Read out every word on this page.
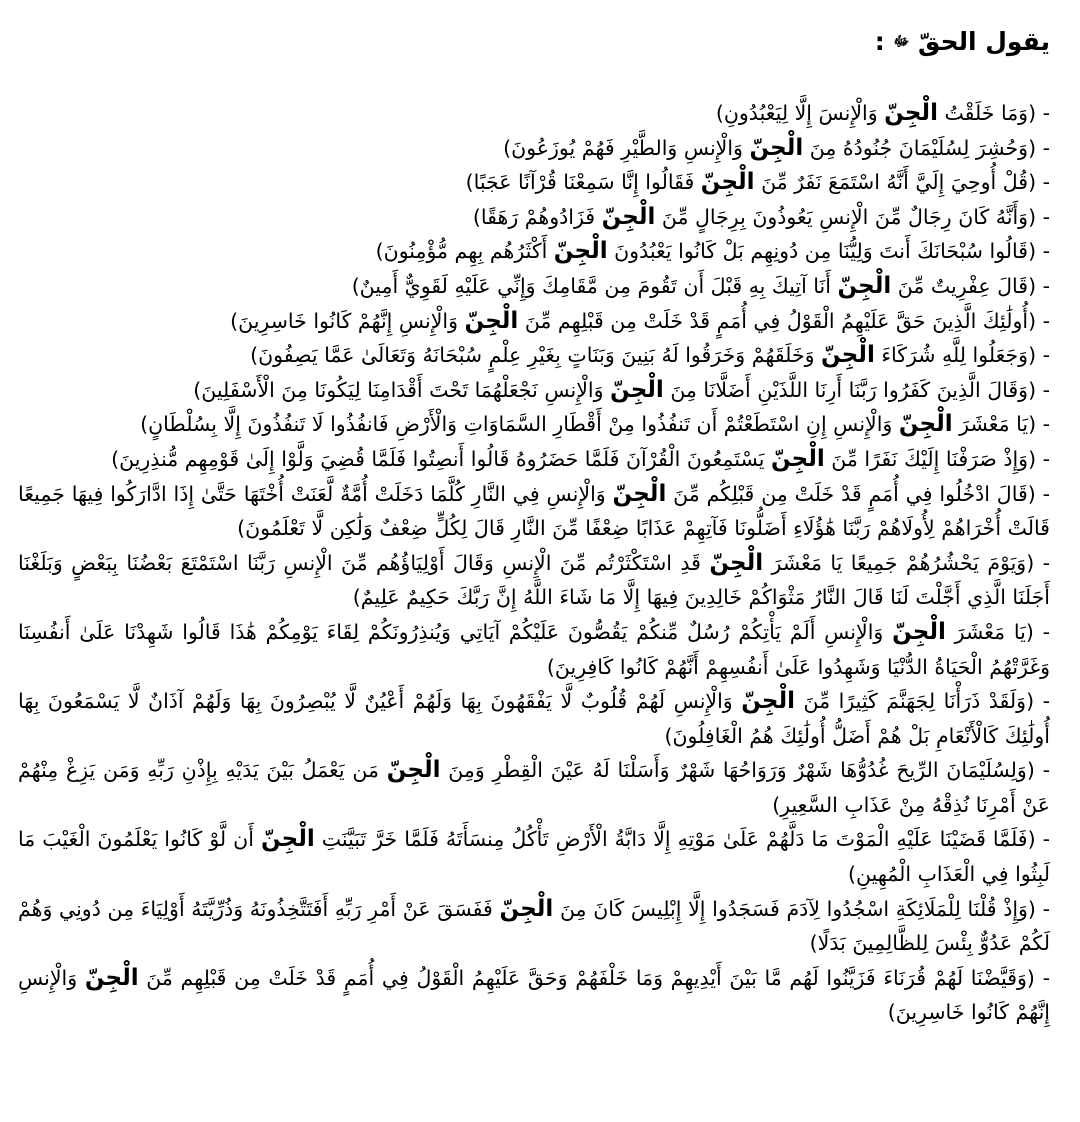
يقول الحقّ $^ﷻ$ :

- (وَمَا خَلَقْتُ الْجِنّ وَالْإِنسَ إِلَّا لِيَعْبُدُونِ)

- (وَحُشِرَ لِسُلَيْمَانَ جُنُودُهُ مِنَ الْجِنّ وَالْإِنسِ وَالطَّيْرِ فَهُمْ يُوزَعُونَ)

- (قُلْ أُوحِيَ إِلَيَّ أَنَّهُ اسْتَمَعَ نَفَرٌ مِّنَ الْجِنّ فَقَالُوا إِنَّا سَمِعْنَا قُرْآنًا عَجَبًا)

- (وَأَنَّهُ كَانَ رِجَالٌ مِّنَ الْإِنسِ يَعُوذُونَ بِرِجَالٍ مِّنَ الْجِنّ فَزَادُوهُمْ رَهَقًا)

- (قَالُوا سُبْحَانَكَ أَنتَ وَلِيُّنَا مِن دُونِهِم بَلْ كَانُوا يَعْبُدُونَ الْجِنّ أَكْثَرُهُم بِهِم مُّؤْمِنُونَ)

- (قَالَ عِفْرِيتٌ مِّنَ الْجِنّ أَنَا آتِيكَ بِهِ قَبْلَ أَن تَقُومَ مِن مَّقَامِكَ وَإِنِّي عَلَيْهِ لَقَوِيٌّ أَمِينٌ)

- (أُولَٰئِكَ الَّذِينَ حَقَّ عَلَيْهِمُ الْقَوْلُ فِي أُمَمٍ قَدْ خَلَتْ مِن قَبْلِهِم مِّنَ الْجِنّ وَالْإِنسِ إِنَّهُمْ كَانُوا خَاسِرِينَ)

- (وَجَعَلُوا لِلَّهِ شُرَكَاءَ الْجِنّ وَخَلَقَهُمْ وَخَرَقُوا لَهُ بَنِينَ وَبَنَاتٍ بِغَيْرِ عِلْمٍ سُبْحَانَهُ وَتَعَالَىٰ عَمَّا يَصِفُونَ)

- (وَقَالَ الَّذِينَ كَفَرُوا رَبَّنَا أَرِنَا اللَّذَيْنِ أَضَلَّانَا مِنَ الْجِنّ وَالْإِنسِ نَجْعَلْهُمَا تَحْتَ أَقْدَامِنَا لِيَكُونَا مِنَ الْأَسْفَلِينَ)

- (يَا مَعْشَرَ الْجِنّ وَالْإِنسِ إِنِ اسْتَطَعْتُمْ أَن تَنفُذُوا مِنْ أَقْطَارِ السَّمَاوَاتِ وَالْأَرْضِ فَانفُذُوا لَا تَنفُذُونَ إِلَّا بِسُلْطَانٍ)

- (وَإِذْ صَرَفْنَا إِلَيْكَ نَفَرًا مِّنَ الْجِنّ يَسْتَمِعُونَ الْقُرْآنَ فَلَمَّا حَضَرُوهُ قَالُوا أَنصِتُوا فَلَمَّا قُضِيَ وَلَّوْا إِلَىٰ قَوْمِهِم مُّنذِرِينَ)

- (قَالَ ادْخُلُوا فِي أُمَمٍ قَدْ خَلَتْ مِن قَبْلِكُم مِّنَ الْجِنّ وَالْإِنسِ فِي النَّارِ كُلَّمَا دَخَلَتْ أُمَّةٌ لَّعَنَتْ أُخْتَهَا حَتَّىٰ إِذَا ادَّارَكُوا فِيهَا جَمِيعًا قَالَتْ أُخْرَاهُمْ لِأُولَاهُمْ رَبَّنَا هَٰؤُلَاءِ أَضَلُّونَا فَآتِهِمْ عَذَابًا ضِعْفًا مِّنَ النَّارِ قَالَ لِكُلٍّ ضِعْفٌ وَلَٰكِن لَّا تَعْلَمُونَ)

- (وَيَوْمَ يَحْشُرُهُمْ جَمِيعًا يَا مَعْشَرَ الْجِنّ قَدِ اسْتَكْثَرْتُم مِّنَ الْإِنسِ وَقَالَ أَوْلِيَاؤُهُم مِّنَ الْإِنسِ رَبَّنَا اسْتَمْتَعَ بَعْضُنَا بِبَعْضٍ وَبَلَغْنَا أَجَلَنَا الَّذِي أَجَّلْتَ لَنَا قَالَ النَّارُ مَثْوَاكُمْ خَالِدِينَ فِيهَا إِلَّا مَا شَاءَ اللَّهُ إِنَّ رَبَّكَ حَكِيمٌ عَلِيمٌ)

- (يَا مَعْشَرَ الْجِنّ وَالْإِنسِ أَلَمْ يَأْتِكُمْ رُسُلٌ مِّنكُمْ يَقُصُّونَ عَلَيْكُمْ آيَاتِي وَيُنذِرُونَكُمْ لِقَاءَ يَوْمِكُمْ هَٰذَا قَالُوا شَهِدْنَا عَلَىٰ أَنفُسِنَا وَغَرَّتْهُمُ الْحَيَاةُ الدُّنْيَا وَشَهِدُوا عَلَىٰ أَنفُسِهِمْ أَنَّهُمْ كَانُوا كَافِرِينَ)

- (وَلَقَدْ ذَرَأْنَا لِجَهَنَّمَ كَثِيرًا مِّنَ الْجِنّ وَالْإِنسِ لَهُمْ قُلُوبٌ لَّا يَفْقَهُونَ بِهَا وَلَهُمْ أَعْيُنٌ لَّا يُبْصِرُونَ بِهَا وَلَهُمْ آذَانٌ لَّا يَسْمَعُونَ بِهَا أُولَٰئِكَ كَالْأَنْعَامِ بَلْ هُمْ أَضَلُّ أُولَٰئِكَ هُمُ الْغَافِلُونَ)

- (وَلِسُلَيْمَانَ الرِّيحَ غُدُوُّهَا شَهْرٌ وَرَوَاحُهَا شَهْرٌ وَأَسَلْنَا لَهُ عَيْنَ الْقِطْرِ وَمِنَ الْجِنّ مَن يَعْمَلُ بَيْنَ يَدَيْهِ بِإِذْنِ رَبِّهِ وَمَن يَزِغْ مِنْهُمْ عَنْ أَمْرِنَا نُذِقْهُ مِنْ عَذَابِ السَّعِيرِ)

- (فَلَمَّا قَضَيْنَا عَلَيْهِ الْمَوْتَ مَا دَلَّهُمْ عَلَىٰ مَوْتِهِ إِلَّا دَابَّةُ الْأَرْضِ تَأْكُلُ مِنسَأَتَهُ فَلَمَّا خَرَّ تَبَيَّنَتِ الْجِنّ أَن لَّوْ كَانُوا يَعْلَمُونَ الْغَيْبَ مَا لَبِثُوا فِي الْعَذَابِ الْمُهِينِ)

- (وَإِذْ قُلْنَا لِلْمَلَائِكَةِ اسْجُدُوا لِآدَمَ فَسَجَدُوا إِلَّا إِبْلِيسَ كَانَ مِنَ الْجِنّ فَفَسَقَ عَنْ أَمْرِ رَبِّهِ أَفَتَتَّخِذُونَهُ وَذُرِّيَّتَهُ أَوْلِيَاءَ مِن دُونِي وَهُمْ لَكُمْ عَدُوٌّ بِئْسَ لِلظَّالِمِينَ بَدَلًا)

- (وَقَيَّضْنَا لَهُمْ قُرَنَاءَ فَزَيَّنُوا لَهُم مَّا بَيْنَ أَيْدِيهِمْ وَمَا خَلْفَهُمْ وَحَقَّ عَلَيْهِمُ الْقَوْلُ فِي أُمَمٍ قَدْ خَلَتْ مِن قَبْلِهِم مِّنَ الْجِنّ وَالْإِنسِ إِنَّهُمْ كَانُوا خَاسِرِينَ)
